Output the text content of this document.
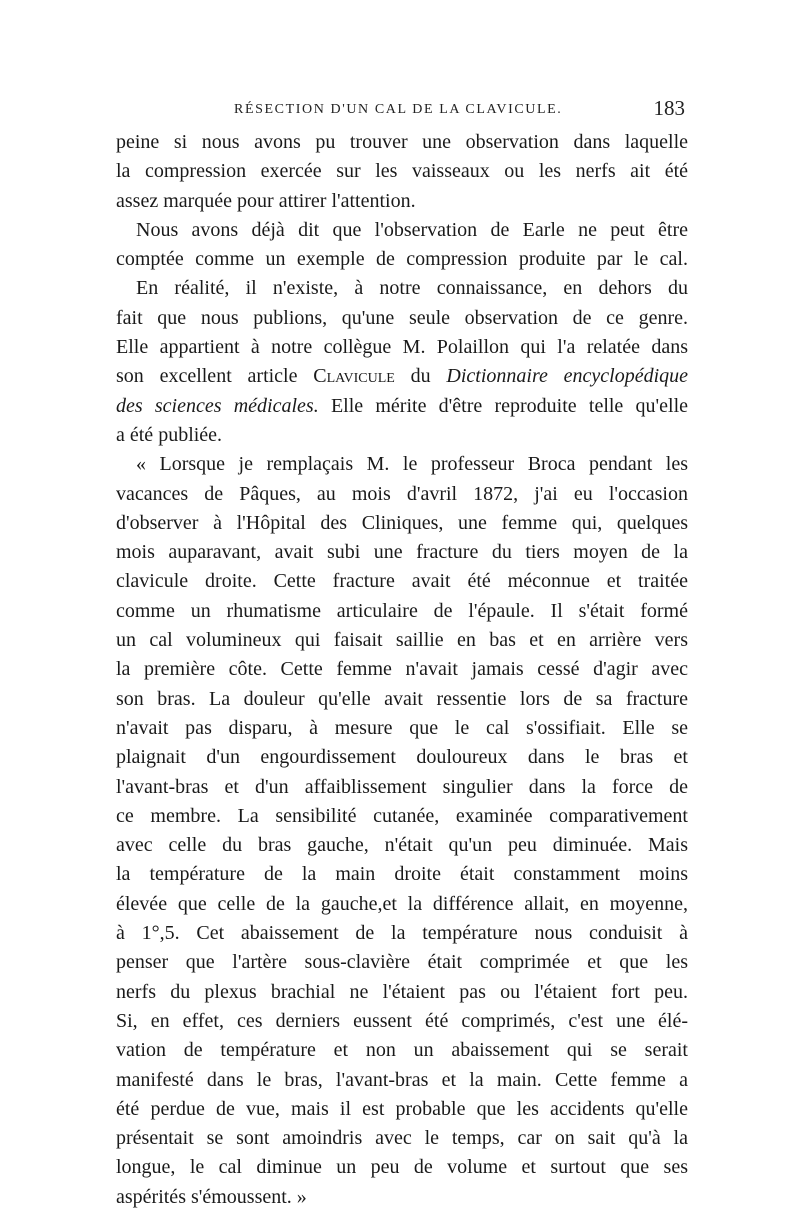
RÉSECTION D'UN CAL DE LA CLAVICULE.	183
peine si nous avons pu trouver une observation dans laquelle
la compression exercée sur les vaisseaux ou les nerfs ait été
assez marquée pour attirer l'attention.
Nous avons déjà dit que l'observation de Earle ne peut être
comptée comme un exemple de compression produite par le cal.
En réalité, il n'existe, à notre connaissance, en dehors du
fait que nous publions, qu'une seule observation de ce genre.
Elle appartient à notre collègue M. Polaillon qui l'a relatée dans
son excellent article Clavicule du Dictionnaire encyclopédique
des sciences médicales. Elle mérite d'être reproduite telle qu'elle
a été publiée.
« Lorsque je remplaçais M. le professeur Broca pendant les
vacances de Pâques, au mois d'avril 1872, j'ai eu l'occasion
d'observer à l'Hôpital des Cliniques, une femme qui, quelques
mois auparavant, avait subi une fracture du tiers moyen de la
clavicule droite. Cette fracture avait été méconnue et traitée
comme un rhumatisme articulaire de l'épaule. Il s'était formé
un cal volumineux qui faisait saillie en bas et en arrière vers
la première côte. Cette femme n'avait jamais cessé d'agir avec
son bras. La douleur qu'elle avait ressentie lors de sa fracture
n'avait pas disparu, à mesure que le cal s'ossifiait. Elle se
plaignait d'un engourdissement douloureux dans le bras et
l'avant-bras et d'un affaiblissement singulier dans la force de
ce membre. La sensibilité cutanée, examinée comparativement
avec celle du bras gauche, n'était qu'un peu diminuée. Mais
la température de la main droite était constamment moins
élevée que celle de la gauche,et la différence allait, en moyenne,
à 1°,5. Cet abaissement de la température nous conduisit à
penser que l'artère sous-clavière était comprimée et que les
nerfs du plexus brachial ne l'étaient pas ou l'étaient fort peu.
Si, en effet, ces derniers eussent été comprimés, c'est une élé-
vation de température et non un abaissement qui se serait
manifesté dans le bras, l'avant-bras et la main. Cette femme a
été perdue de vue, mais il est probable que les accidents qu'elle
présentait se sont amoindris avec le temps, car on sait qu'à la
longue, le cal diminue un peu de volume et surtout que ses
aspérités s'émoussent. »
